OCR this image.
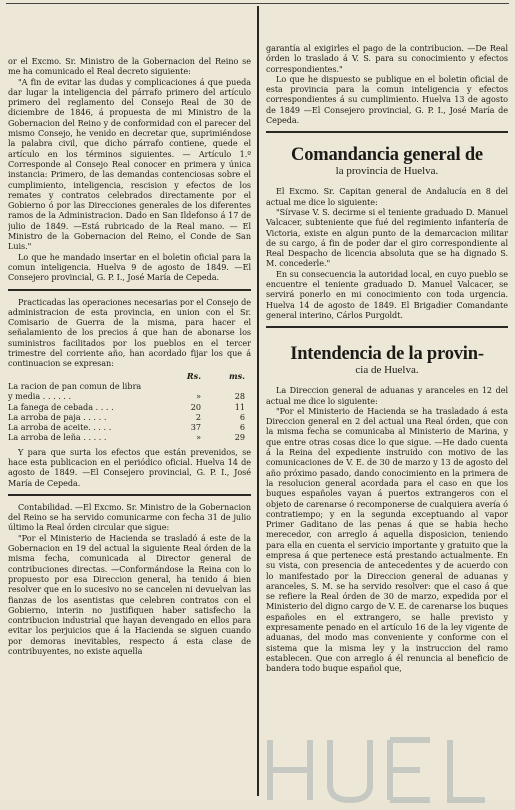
or el Excmo. Sr. Ministro de la Gobernacion del Reino se me ha comunicado el Real decreto siguiente:

"A fin de evitar las dudas y complicaciones á que pueda dar lugar la inteligencia del párrafo primero del artículo primero del reglamento del Consejo Real de 30 de diciembre de 1846, á propuesta de mi Ministro de la Gobernacion del Reino y de conformidad con el parecer del mismo Consejo, he venido en decretar que, suprimiéndose la palabra civil, que dicho párrafo contiene, quede el artículo en los términos siguientes. — Artículo 1.º Corresponde al Consejo Real conocer en primera y única instancia: Primero, de las demandas contenciosas sobre el cumplimiento, inteligencia, rescision y efectos de los remates y contratos celebrados directamente por el Gobierno ó por las Direcciones generales de los diferentes ramos de la Administracion. Dado en San Ildefonso á 17 de julio de 1849. —Está rubricado de la Real mano. — El Ministro de la Gobernacion del Reino, el Conde de San Luis."

Lo que he mandado insertar en el boletin oficial para la comun inteligencia. Huelva 9 de agosto de 1849. —El Consejero provincial, G. P. I., José María de Cepeda.

Practicadas las operaciones necesarias por el Consejo de administracion de esta provincia, en union con el Sr. Comisario de Guerra de la misma, para hacer el señalamiento de los precios á que han de abonarse los suministros facilitados por los pueblos en el tercer trimestre del corriente año, han acordado fijar los que á continuacion se expresan:

	Rs.	ms.
La racion de pan comun de libra		
y media . . . . . .	»	28
La fanega de cebada . . . .	20	11
La arroba de paja . . . . .	2	6
La arroba de aceite. . . . .	37	6
La arroba de leña . . . . .	»	29

Y para que surta los efectos que están prevenidos, se hace esta publicacion en el periódico oficial. Huelva 14 de agosto de 1849. —El Consejero provincial, G. P. I., José María de Cepeda.

Contabilidad. —El Excmo. Sr. Ministro de la Gobernacion del Reino se ha servido comunicarme con fecha 31 de julio último la Real órden circular que sigue:

"Por el Ministerio de Hacienda se trasladó á este de la Gobernacion en 19 del actual la siguiente Real órden de la misma fecha, comunicada al Director general de contribuciones directas. —Conformándose la Reina con lo propuesto por esa Direccion general, ha tenido á bien resolver que en lo sucesivo no se cancelen ni devuelvan las fianzas de los asentistas que celebren contratos con el Gobierno, interin no justifiquen haber satisfecho la contribucion industrial que hayan devengado en ellos para evitar los perjuicios que á la Hacienda se siguen cuando por demoras inevitables, respecto á esta clase de contribuyentes, no existe aquella

garantía al exigirles el pago de la contribucion. —De Real órden lo traslado á V. S. para su conocimiento y efectos correspondientes."

Lo que he dispuesto se publique en el boletin oficial de esta provincia para la comun inteligencia y efectos correspondientes á su cumplimiento. Huelva 13 de agosto de 1849 —El Consejero provincial, G. P. I., José María de Cepeda.

Comandancia general de
la provincia de Huelva.

El Excmo. Sr. Capitan general de Andalucía en 8 del actual me dice lo siguiente:

"Sírvase V. S. decirme si el teniente graduado D. Manuel Valcacer, subteniente que fué del regimiento infantería de Victoria, existe en algun punto de la demarcacion militar de su cargo, á fin de poder dar el giro correspondiente al Real Despacho de licencia absoluta que se ha dignado S. M. concederle."

En su consecuencia la autoridad local, en cuyo pueblo se encuentre el teniente graduado D. Manuel Valcacer, se servirá ponerlo en mi conocimiento con toda urgencia. Huelva 14 de agosto de 1849. El Brigadier Comandante general interino, Cárlos Purgoldt.

Intendencia de la provin-
cia de Huelva.

La Direccion general de aduanas y aranceles en 12 del actual me dice lo siguiente:

"Por el Ministerio de Hacienda se ha trasladado á esta Direccion general en 2 del actual una Real órden, que con la misma fecha se comunicaba al Ministerio de Marina, y que entre otras cosas dice lo que sigue. —He dado cuenta á la Reina del expediente instruido con motivo de las comunicaciones de V. E. de 30 de marzo y 13 de agosto del año próximo pasado, dando conocimiento en la primera de la resolucion general acordada para el caso en que los buques españoles vayan á puertos extrangeros con el objeto de carenarse ó recomponerse de cualquiera avería ó contratiempo; y en la segunda exceptuando al vapor Primer Gaditano de las penas á que se habia hecho merecedor, con arreglo á aquella disposicion, teniendo para ella en cuenta el servicio importante y gratuito que la empresa á que pertenece está prestando actualmente. En su vista, con presencia de antecedentes y de acuerdo con lo manifestado por la Direccion general de aduanas y aranceles, S. M. se ha servido resolver: que el caso á que se refiere la Real órden de 30 de marzo, expedida por el Ministerio del digno cargo de V. E. de carenarse los buques españoles en el extrangero, se halle previsto y expresamente penado en el artículo 16 de la ley vigente de aduanas, del modo mas conveniente y conforme con el sistema que la misma ley y la instruccion del ramo establecen. Que con arreglo á él renuncia al beneficio de bandera todo buque español que,
